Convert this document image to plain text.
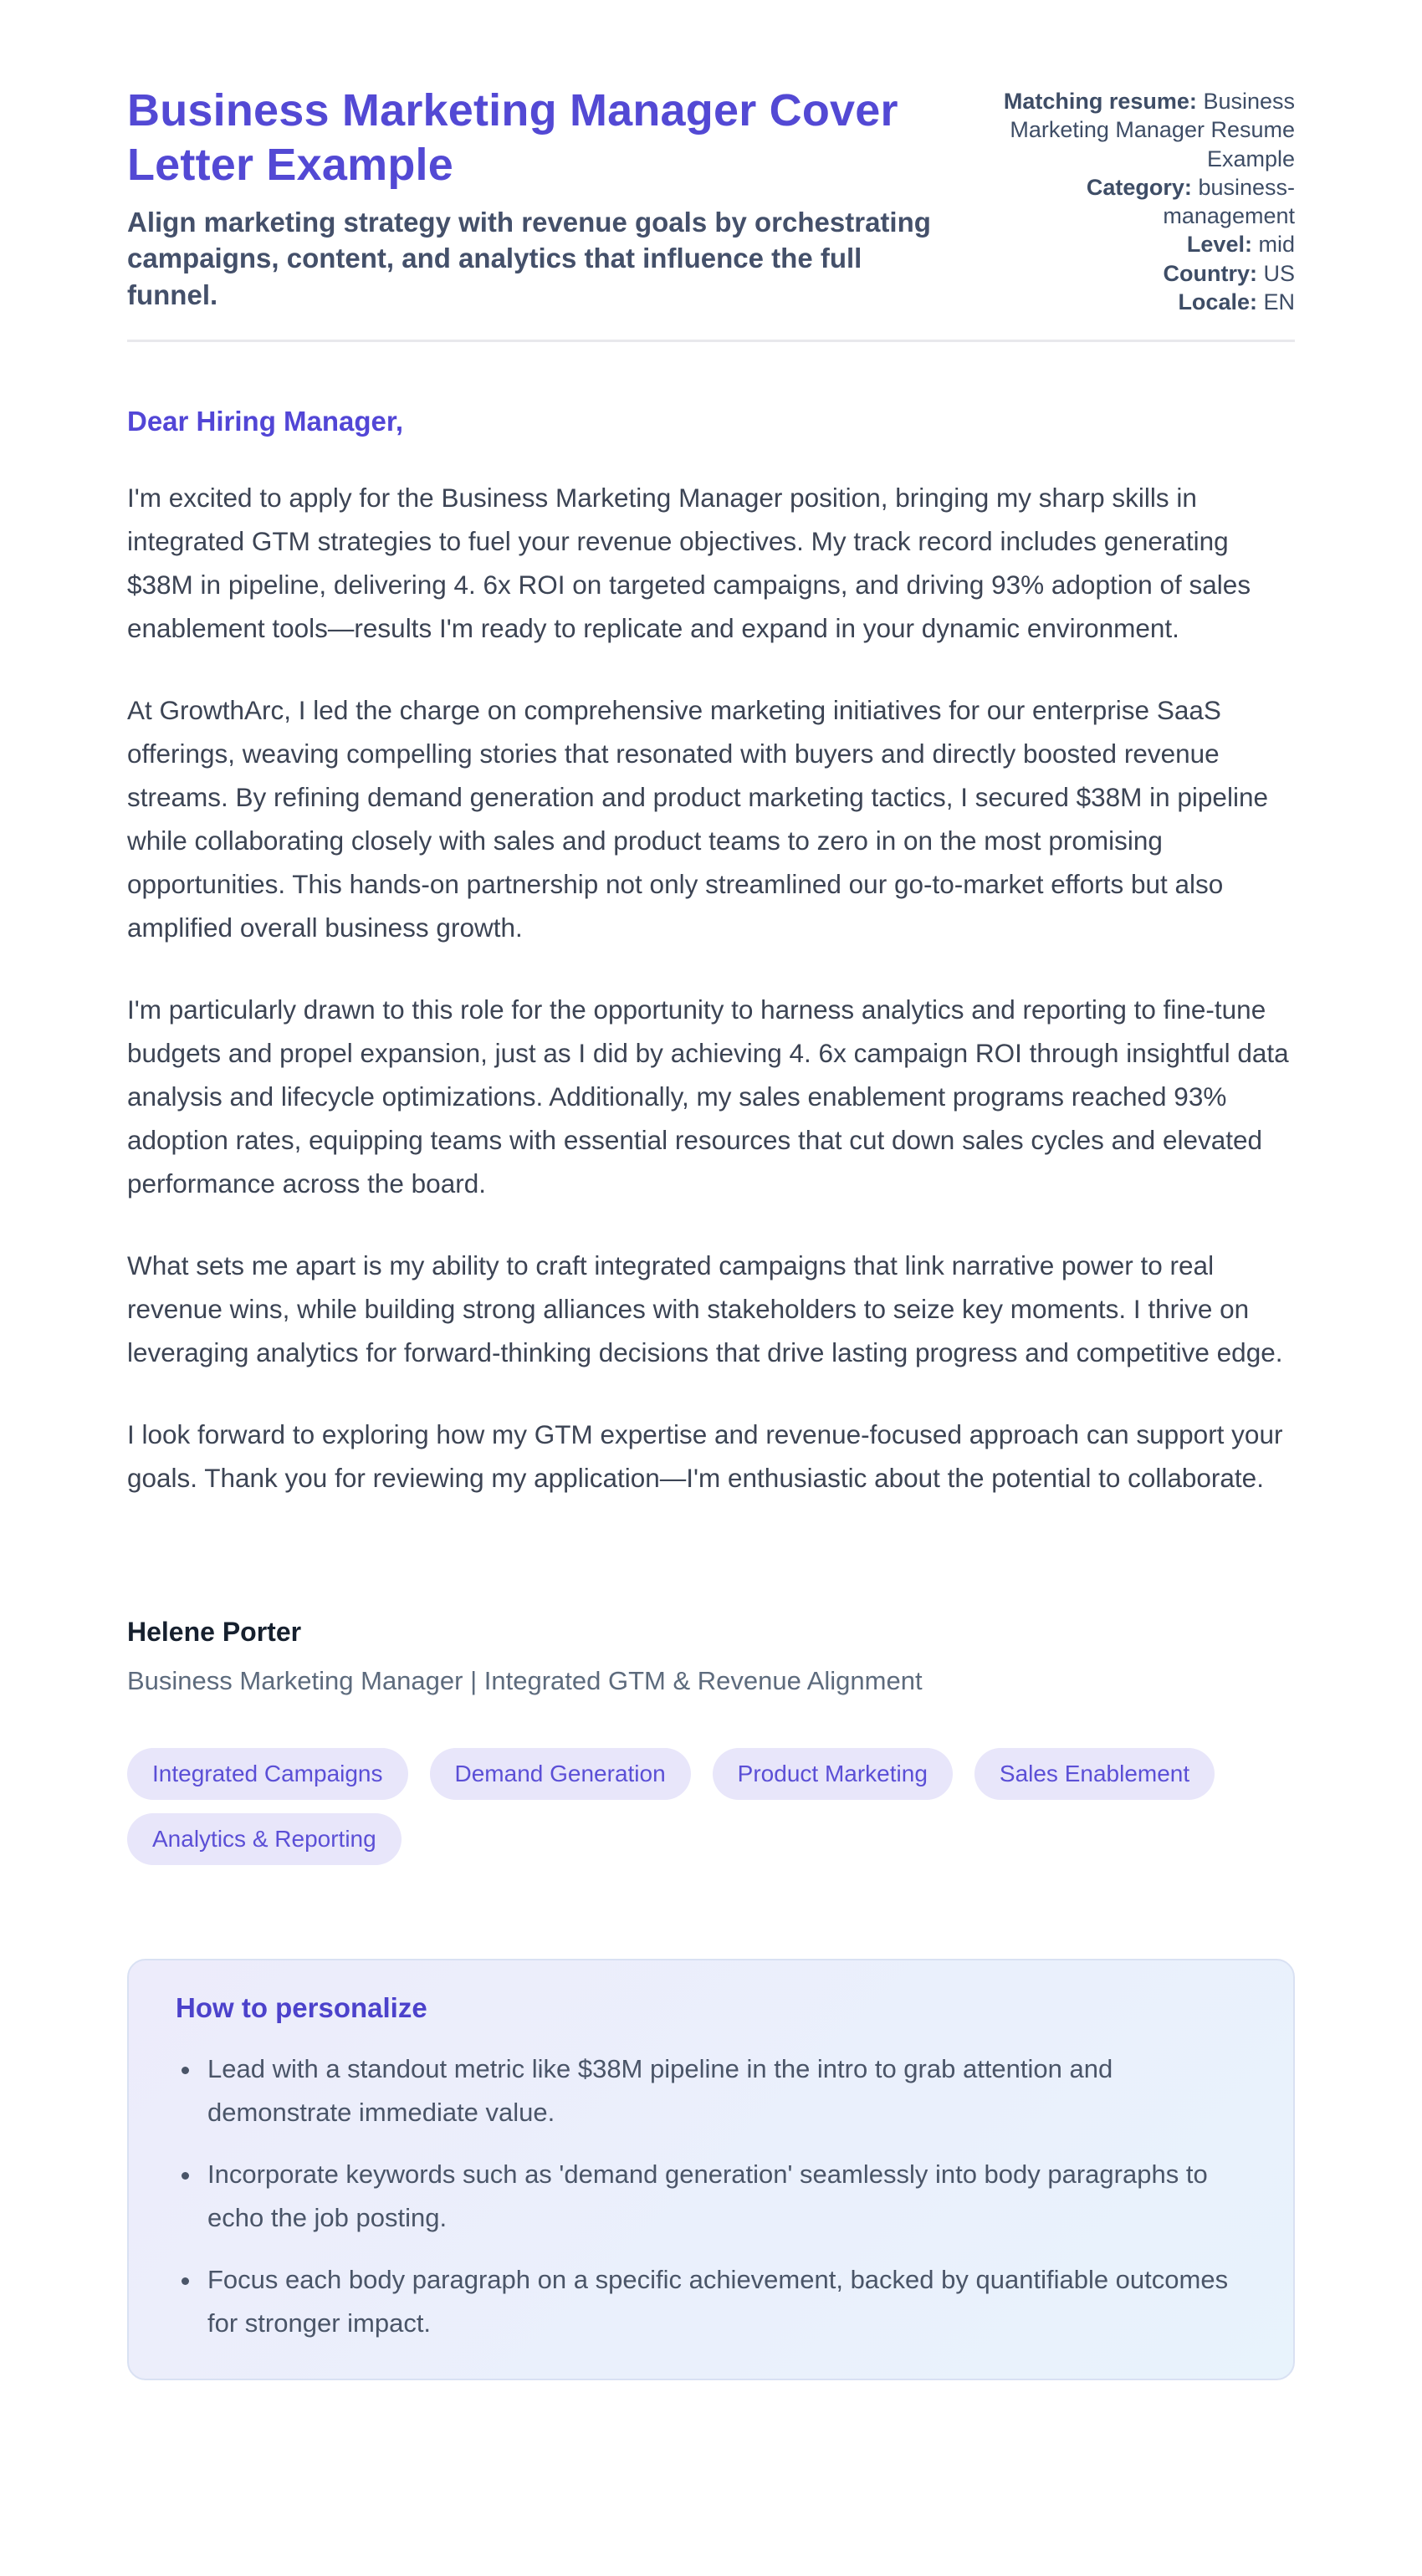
Business Marketing Manager Cover Letter Example
Align marketing strategy with revenue goals by orchestrating campaigns, content, and analytics that influence the full funnel.
Matching resume: Business Marketing Manager Resume Example
Category: business-management
Level: mid
Country: US
Locale: EN
Dear Hiring Manager,

I'm excited to apply for the Business Marketing Manager position, bringing my sharp skills in integrated GTM strategies to fuel your revenue objectives. My track record includes generating $38M in pipeline, delivering 4. 6x ROI on targeted campaigns, and driving 93% adoption of sales enablement tools—results I'm ready to replicate and expand in your dynamic environment.

At GrowthArc, I led the charge on comprehensive marketing initiatives for our enterprise SaaS offerings, weaving compelling stories that resonated with buyers and directly boosted revenue streams. By refining demand generation and product marketing tactics, I secured $38M in pipeline while collaborating closely with sales and product teams to zero in on the most promising opportunities. This hands-on partnership not only streamlined our go-to-market efforts but also amplified overall business growth.

I'm particularly drawn to this role for the opportunity to harness analytics and reporting to fine-tune budgets and propel expansion, just as I did by achieving 4. 6x campaign ROI through insightful data analysis and lifecycle optimizations. Additionally, my sales enablement programs reached 93% adoption rates, equipping teams with essential resources that cut down sales cycles and elevated performance across the board.

What sets me apart is my ability to craft integrated campaigns that link narrative power to real revenue wins, while building strong alliances with stakeholders to seize key moments. I thrive on leveraging analytics for forward-thinking decisions that drive lasting progress and competitive edge.

I look forward to exploring how my GTM expertise and revenue-focused approach can support your goals. Thank you for reviewing my application—I'm enthusiastic about the potential to collaborate.

Helene Porter
Business Marketing Manager | Integrated GTM & Revenue Alignment
Integrated Campaigns	Demand Generation	Product Marketing	Sales Enablement
Analytics & Reporting
How to personalize
• Lead with a standout metric like $38M pipeline in the intro to grab attention and demonstrate immediate value.
• Incorporate keywords such as 'demand generation' seamlessly into body paragraphs to echo the job posting.
• Focus each body paragraph on a specific achievement, backed by quantifiable outcomes for stronger impact.
